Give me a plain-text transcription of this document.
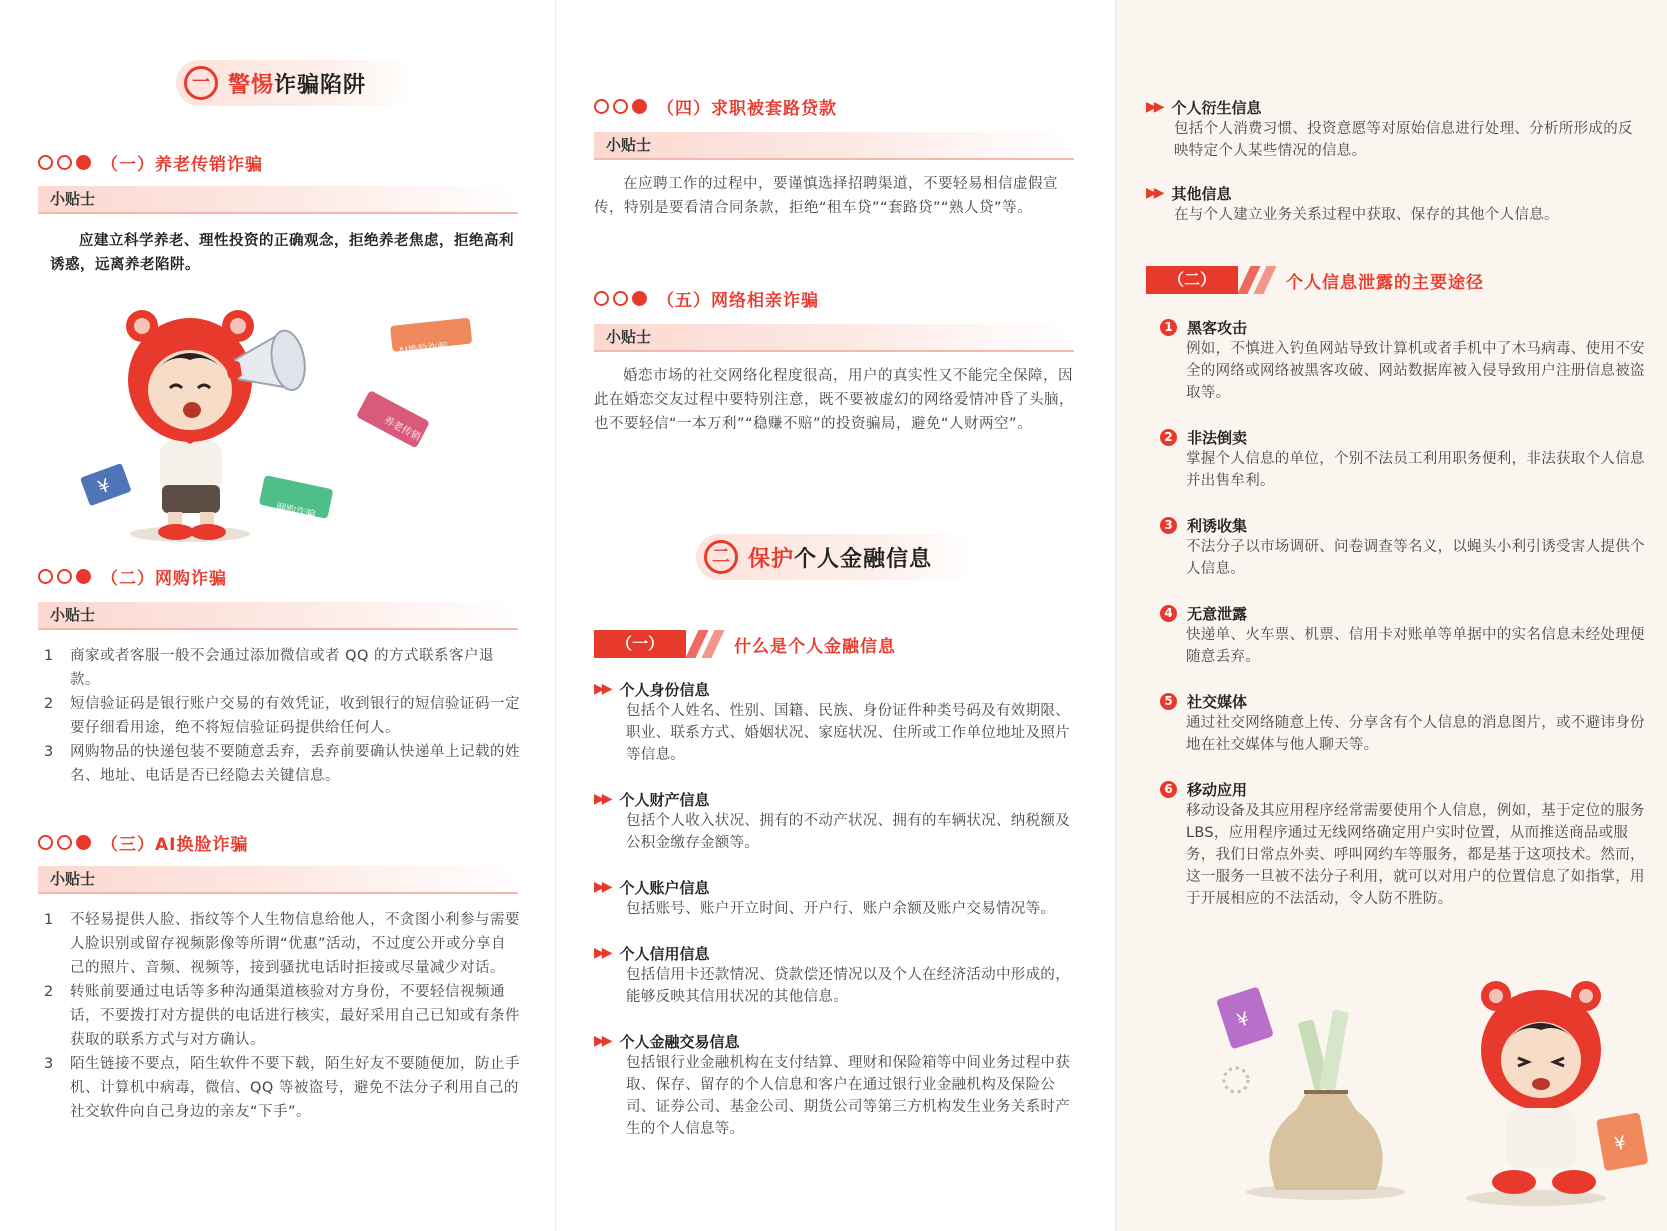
一 警惕诈骗陷阱
（一）养老传销诈骗
小贴士
应建立科学养老、理性投资的正确观念，拒绝养老焦虑，拒绝高利诱惑，远离养老陷阱。
¥
AI换脸诈骗
养老传销
网购诈骗
（二）网购诈骗
小贴士
1	商家或者客服一般不会通过添加微信或者 QQ 的方式联系客户退款。
2	短信验证码是银行账户交易的有效凭证，收到银行的短信验证码一定要仔细看用途，绝不将短信验证码提供给任何人。
3	网购物品的快递包装不要随意丢弃，丢弃前要确认快递单上记载的姓名、地址、电话是否已经隐去关键信息。
（三）AI换脸诈骗
小贴士
1	不轻易提供人脸、指纹等个人生物信息给他人，不贪图小利参与需要人脸识别或留存视频影像等所谓“优惠”活动，不过度公开或分享自己的照片、音频、视频等，接到骚扰电话时拒接或尽量减少对话。
2	转账前要通过电话等多种沟通渠道核验对方身份，不要轻信视频通话，不要拨打对方提供的电话进行核实，最好采用自己已知或有条件获取的联系方式与对方确认。
3	陌生链接不要点，陌生软件不要下载，陌生好友不要随便加，防止手机、计算机中病毒，微信、QQ 等被盗号，避免不法分子利用自己的社交软件向自己身边的亲友“下手”。
（四）求职被套路贷款
小贴士
在应聘工作的过程中，要谨慎选择招聘渠道，不要轻易相信虚假宣传，特别是要看清合同条款，拒绝“租车贷”“套路贷”“熟人贷”等。
（五）网络相亲诈骗
小贴士
婚恋市场的社交网络化程度很高，用户的真实性又不能完全保障，因此在婚恋交友过程中要特别注意，既不要被虚幻的网络爱情冲昏了头脑，也不要轻信“一本万利”“稳赚不赔”的投资骗局，避免“人财两空”。
二 保护个人金融信息
（一）	什么是个人金融信息
▶▶ 个人身份信息
包括个人姓名、性别、国籍、民族、身份证件种类号码及有效期限、职业、联系方式、婚姻状况、家庭状况、住所或工作单位地址及照片等信息。
▶▶ 个人财产信息
包括个人收入状况、拥有的不动产状况、拥有的车辆状况、纳税额及公积金缴存金额等。
▶▶ 个人账户信息
包括账号、账户开立时间、开户行、账户余额及账户交易情况等。
▶▶ 个人信用信息
包括信用卡还款情况、贷款偿还情况以及个人在经济活动中形成的，能够反映其信用状况的其他信息。
▶▶ 个人金融交易信息
包括银行业金融机构在支付结算、理财和保险箱等中间业务过程中获取、保存、留存的个人信息和客户在通过银行业金融机构及保险公司、证券公司、基金公司、期货公司等第三方机构发生业务关系时产生的个人信息等。
▶▶ 个人衍生信息
包括个人消费习惯、投资意愿等对原始信息进行处理、分析所形成的反映特定个人某些情况的信息。
▶▶ 其他信息
在与个人建立业务关系过程中获取、保存的其他个人信息。
（二）	个人信息泄露的主要途径
1 黑客攻击
例如，不慎进入钓鱼网站导致计算机或者手机中了木马病毒、使用不安全的网络或网络被黑客攻破、网站数据库被入侵导致用户注册信息被盗取等。
2 非法倒卖
掌握个人信息的单位，个别不法员工利用职务便利，非法获取个人信息并出售牟利。
3 利诱收集
不法分子以市场调研、问卷调查等名义，以蝇头小利引诱受害人提供个人信息。
4 无意泄露
快递单、火车票、机票、信用卡对账单等单据中的实名信息未经处理便随意丢弃。
5 社交媒体
通过社交网络随意上传、分享含有个人信息的消息图片，或不避讳身份地在社交媒体与他人聊天等。
6 移动应用
移动设备及其应用程序经常需要使用个人信息，例如，基于定位的服务LBS，应用程序通过无线网络确定用户实时位置，从而推送商品或服务，我们日常点外卖、呼叫网约车等服务，都是基于这项技术。然而，这一服务一旦被不法分子利用，就可以对用户的位置信息了如指掌，用于开展相应的不法活动，令人防不胜防。
¥
¥
